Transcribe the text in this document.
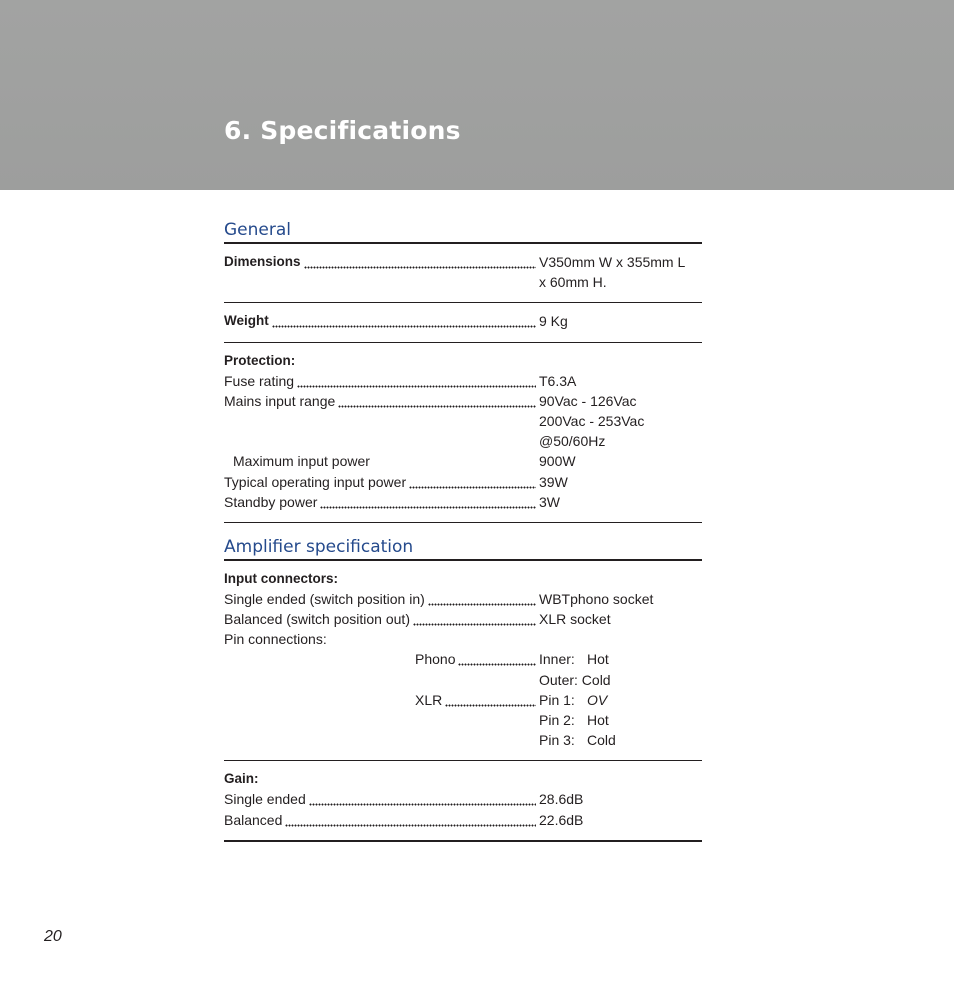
6. Specifications
General
Dimensions	V350mm W x 355mm L
x 60mm H.
Weight	9 Kg
Protection:
Fuse rating	T6.3A
Mains input range	90Vac - 126Vac
200Vac - 253Vac
@50/60Hz
Maximum input power	900W
Typical operating input power	39W
Standby power	3W
Amplifier specification
Input connectors:
Single ended (switch position in)	WBTphono socket
Balanced (switch position out)	XLR socket
Pin connections:
Phono	Inner: Hot
Outer: Cold
XLR	Pin 1: OV
Pin 2: Hot
Pin 3: Cold
Gain:
Single ended	28.6dB
Balanced	22.6dB
20
